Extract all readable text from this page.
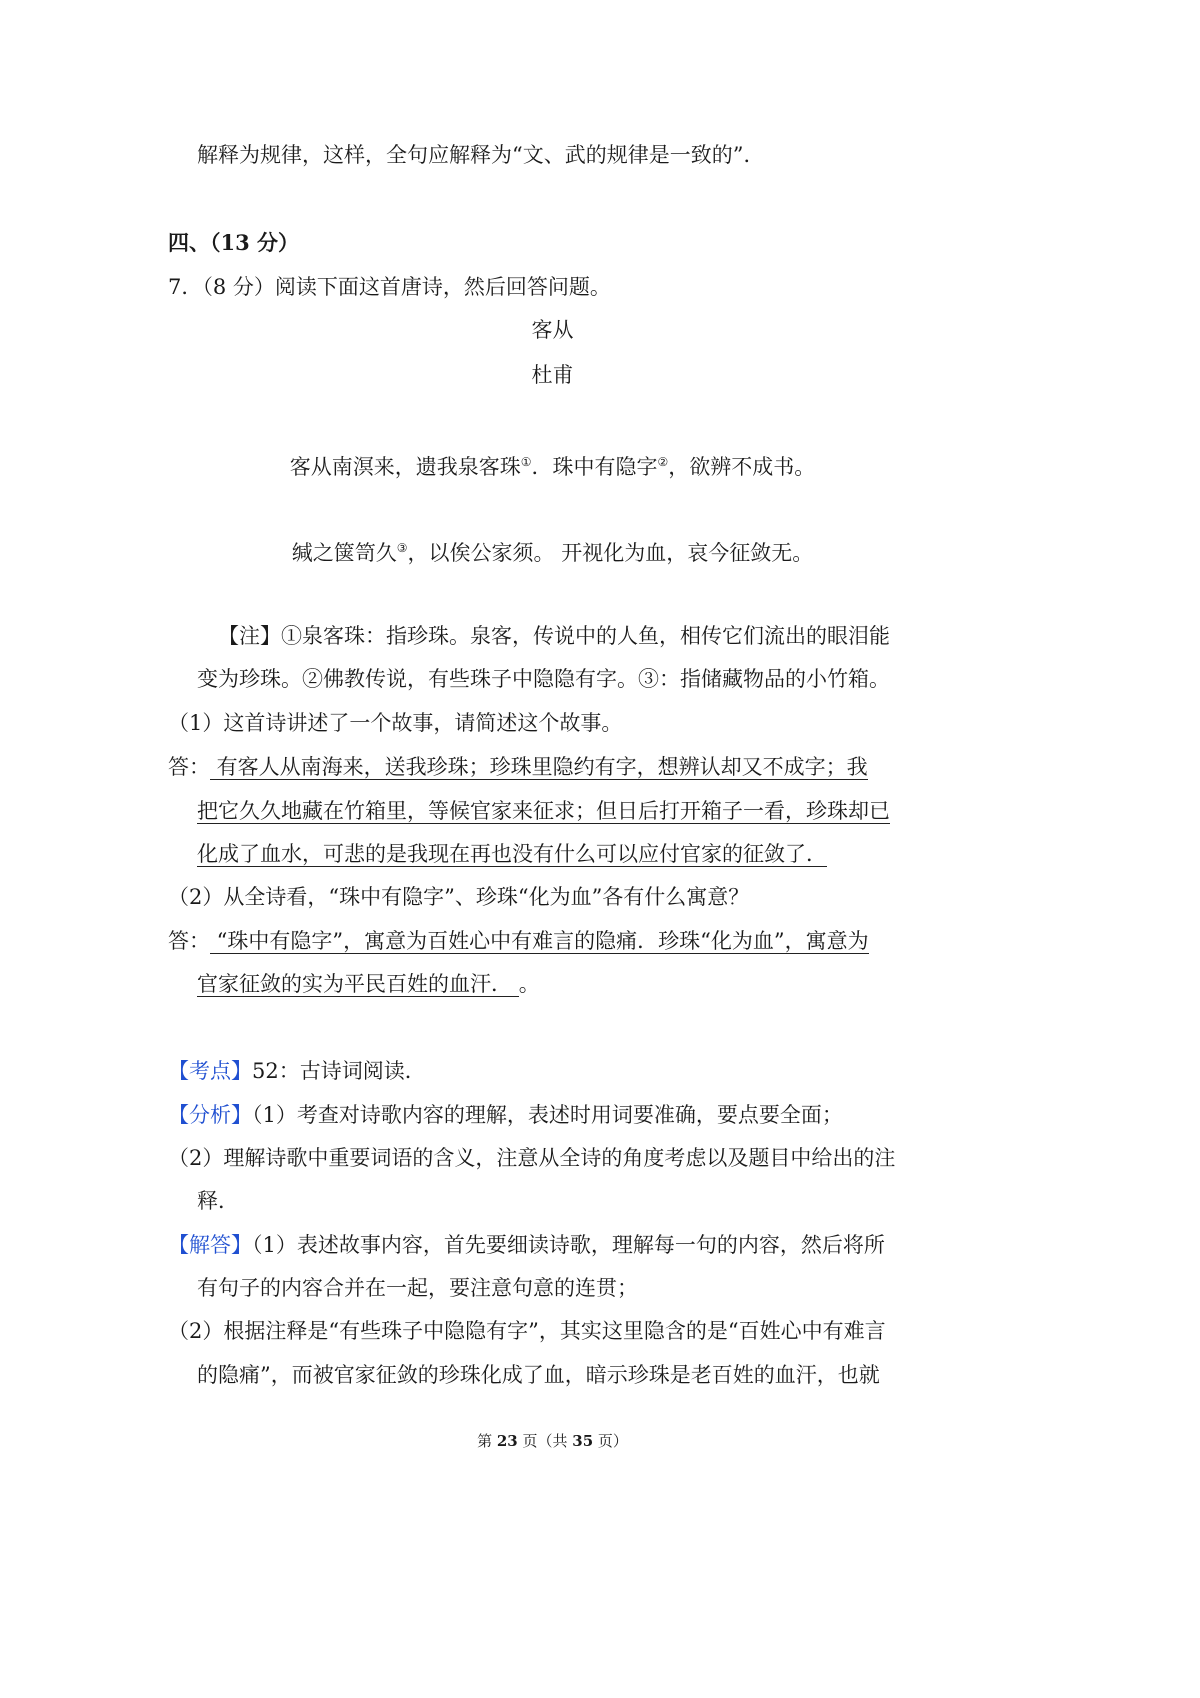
解释为规律，这样，全句应解释为“文、武的规律是一致的”．
四、（13 分）
7．（8 分）阅读下面这首唐诗，然后回答问题。
客从
杜甫
客从南溟来，遗我泉客珠①．珠中有隐字②，欲辨不成书。
缄之箧笥久③，以俟公家须。 开视化为血，哀今征敛无。
【注】①泉客珠：指珍珠。泉客，传说中的人鱼，相传它们流出的眼泪能
变为珍珠。②佛教传说，有些珠子中隐隐有字。③：指储藏物品的小竹箱。
（1）这首诗讲述了一个故事，请简述这个故事。
答： 有客人从南海来，送我珍珠；珍珠里隐约有字，想辨认却又不成字；我
把它久久地藏在竹箱里，等候官家来征求；但日后打开箱子一看，珍珠却已
化成了血水，可悲的是我现在再也没有什么可以应付官家的征敛了．
（2）从全诗看，“珠中有隐字”、珍珠“化为血”各有什么寓意？
答： “珠中有隐字”，寓意为百姓心中有难言的隐痛．珍珠“化为血”，寓意为
官家征敛的实为平民百姓的血汗． 。
【考点】52：古诗词阅读．
【分析】（1）考查对诗歌内容的理解，表述时用词要准确，要点要全面；
（2）理解诗歌中重要词语的含义，注意从全诗的角度考虑以及题目中给出的注
释．
【解答】（1）表述故事内容，首先要细读诗歌，理解每一句的内容，然后将所
有句子的内容合并在一起，要注意句意的连贯；
（2）根据注释是“有些珠子中隐隐有字”，其实这里隐含的是“百姓心中有难言
的隐痛”，而被官家征敛的珍珠化成了血，暗示珍珠是老百姓的血汗，也就
第 23 页（共 35 页）
